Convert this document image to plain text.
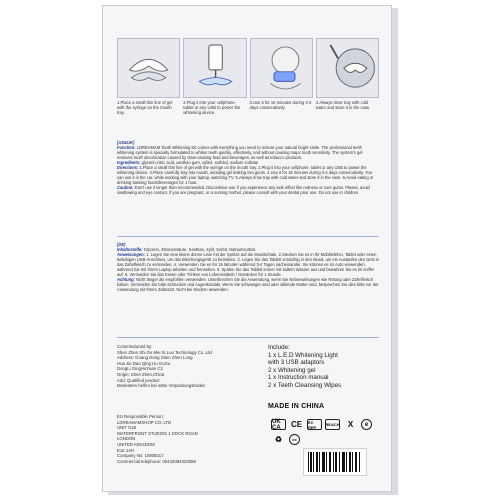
1.Place a small thin line of gel with the syringe on the mouth tray.
2.Plug it into your cellphone, tablet or any USB to power the whitening device.
3.Use it for 15 minutes during 3-4 days consecutively.
4.Always rinse tray with cold water and store it in the case.
[US&UK]
Function: LDREAMAM Tooth Whitening Kit comes with everything you need to restore your natural bright smile. The professional teeth whitening system is specially formulated to whiten teeth quickly, effectively, and without causing major tooth sensitivity. The system's gel removes tooth decoloration caused by stain-causing food and beverages, as well as tobacco products.
Ingredients: glycerin,citric acid, xanthan gum, xylitol, sorbitol, sodium sorbate.
Directions: 1.Place a small thin line of gel with the syringe on the mouth tray. 2.Plug it into your cellphone, tablet or any USB to power the whitening device. 3.Place carefully tray into mouth, avoiding gel leaking into gums. 4.Use it for 15 minutes during 3-4 days consecutively. You can use it in the car, while working with your laptop, watching TV. 5.Always rinse tray with cold water and store it in the case. 6.Avoid eating or drinking staining foods/beverages for 1 hour.
Caution: Don't use it longer than recommended. Discontinue use if you experience any side effect like redness or sore gums. Please, avoid swallowing and eye contact. If you are pregnant, or a nursing mother, please consult with your dental prior use. Do not use in children.
[DE]
Inhaltsstoffe: Glycerin, Zitronensäure, Xanthan, Xylit, Sorbit, Natriumsorbat.
Anweisungen: 1. Legen Sie eine kleine dünne Linie mit der Spritze auf die Mundschale. 2.Stecken Sie es in Ihr Mobiltelefon, Tablet oder einen beliebigen USB-Anschluss, um das Bleichungsgerät zu betreiben. 3. Legen Sie das Tablett vorsichtig in den Mund, um ein Austaufen des Gels in das Zahnfleisch zu vermeiden. 4. Verwenden Sie es für 15 Minuten während 3-4 Tagen nacheinander. Sie können es im Auto verwenden, während Sie mit Ihrem Laptop arbeiten und fernsehen. 5. Spülen Sie das Tablett immer mit kaltem Wasser aus und bewahren Sie es im Koffer auf. 6. Vermeiden Sie das Essen oder Trinken von Lebensmitteln / Getränken für 1 Stunde.
Achtung: Nicht länger als empfohlen verwenden. Unterbrechen Sie die Anwendung, wenn Sie Nebenwirkungen wie Rötung oder Zahnfleisch haben. Vermeiden Sie bitte Schlucken und Augenkontakt. Wenn Sie schwanger sind oder stillende Mutter sind, besprechen Sie dies bitte vor der Anwendung mit Ihrem Zahnarzt. Nicht bei Kindern anwenden.
Commissioned by:
Shen Zhen Shi Ge Mei Si Luo Technology Co.,Ltd
Address: Guang Dong Shen Zhen Long
Hua Jie Dao Qing Hu GuGu
DongLi GingHuYuan C2
Origin: Shen Zhen,China
Add: Qualified product
Medesters helfen bei sähe Verpackungsboden
EU Responsible Person:
LDREAMAMSHOP CO.,LTD
UNIT G25
WATERFRONT STUDIOS 1 DOCK ROAD
LONDON
UNITED KINGDOM
E16 1AH
Company No: 10808317
Commercial telephone: 00442084323088
Include:
1 x L.E.D Whitening Light
with 3 USB adaptors
2 x Whitening gel
1 x Instruction manual
2 x Teeth Cleansing Wipes
MADE IN CHINA
UK CA	CE	EC REP	REACH	X	e
♻	ce
